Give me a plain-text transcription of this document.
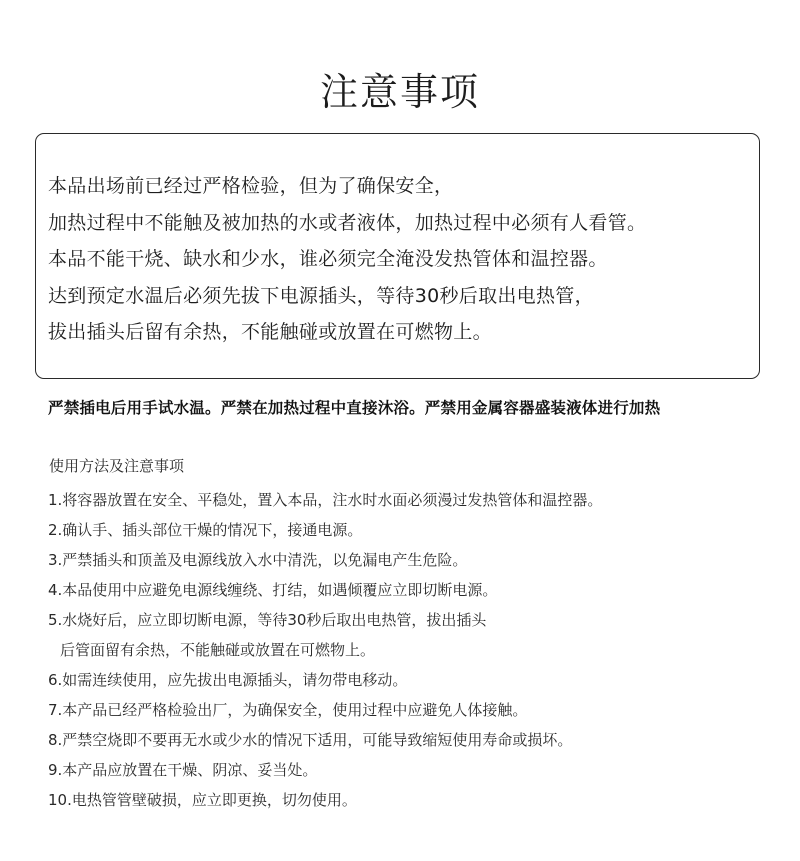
注意事项
本品出场前已经过严格检验，但为了确保安全，
加热过程中不能触及被加热的水或者液体，加热过程中必须有人看管。
本品不能干烧、缺水和少水，谁必须完全淹没发热管体和温控器。
达到预定水温后必须先拔下电源插头，等待30秒后取出电热管，
拔出插头后留有余热，不能触碰或放置在可燃物上。
严禁插电后用手试水温。严禁在加热过程中直接沐浴。严禁用金属容器盛装液体进行加热
使用方法及注意事项
1.将容器放置在安全、平稳处，置入本品，注水时水面必须漫过发热管体和温控器。
2.确认手、插头部位干燥的情况下，接通电源。
3.严禁插头和顶盖及电源线放入水中清洗，以免漏电产生危险。
4.本品使用中应避免电源线缠绕、打结，如遇倾覆应立即切断电源。
5.水烧好后，应立即切断电源，等待30秒后取出电热管，拔出插头
后管面留有余热，不能触碰或放置在可燃物上。
6.如需连续使用，应先拔出电源插头，请勿带电移动。
7.本产品已经严格检验出厂，为确保安全，使用过程中应避免人体接触。
8.严禁空烧即不要再无水或少水的情况下适用，可能导致缩短使用寿命或损坏。
9.本产品应放置在干燥、阴凉、妥当处。
10.电热管管壁破损，应立即更换，切勿使用。
